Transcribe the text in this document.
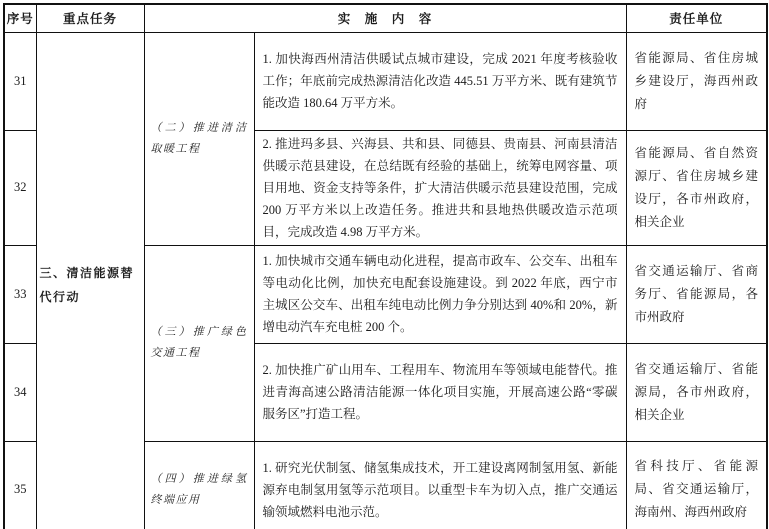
序号	重点任务	实　施　内　容		责任单位
31	三、清洁能源替代行动	（二）推进清洁取暖工程	1. 加快海西州清洁供暖试点城市建设，完成 2021 年度考核验收工作；年底前完成热源清洁化改造 445.51 万平方米、既有建筑节能改造 180.64 万平方米。	省能源局、省住房城乡建设厅，海西州政府
32			2. 推进玛多县、兴海县、共和县、同德县、贵南县、河南县清洁供暖示范县建设，在总结既有经验的基础上，统筹电网容量、项目用地、资金支持等条件，扩大清洁供暖示范县建设范围，完成 200 万平方米以上改造任务。推进共和县地热供暖改造示范项目，完成改造 4.98 万平方米。	省能源局、省自然资源厅、省住房城乡建设厅，各市州政府，相关企业
33		（三）推广绿色交通工程	1. 加快城市交通车辆电动化进程，提高市政车、公交车、出租车等电动化比例，加快充电配套设施建设。到 2022 年底，西宁市主城区公交车、出租车纯电动比例力争分别达到 40%和 20%，新增电动汽车充电桩 200 个。	省交通运输厅、省商务厅、省能源局，各市州政府
34			2. 加快推广矿山用车、工程用车、物流用车等领域电能替代。推进青海高速公路清洁能源一体化项目实施，开展高速公路“零碳服务区”打造工程。	省交通运输厅、省能源局，各市州政府，相关企业
35		（四）推进绿氢终端应用	1. 研究光伏制氢、储氢集成技术，开工建设离网制氢用氢、新能源弃电制氢用氢等示范项目。以重型卡车为切入点，推广交通运输领域燃料电池示范。	省科技厅、省能源局、省交通运输厅，海南州、海西州政府
